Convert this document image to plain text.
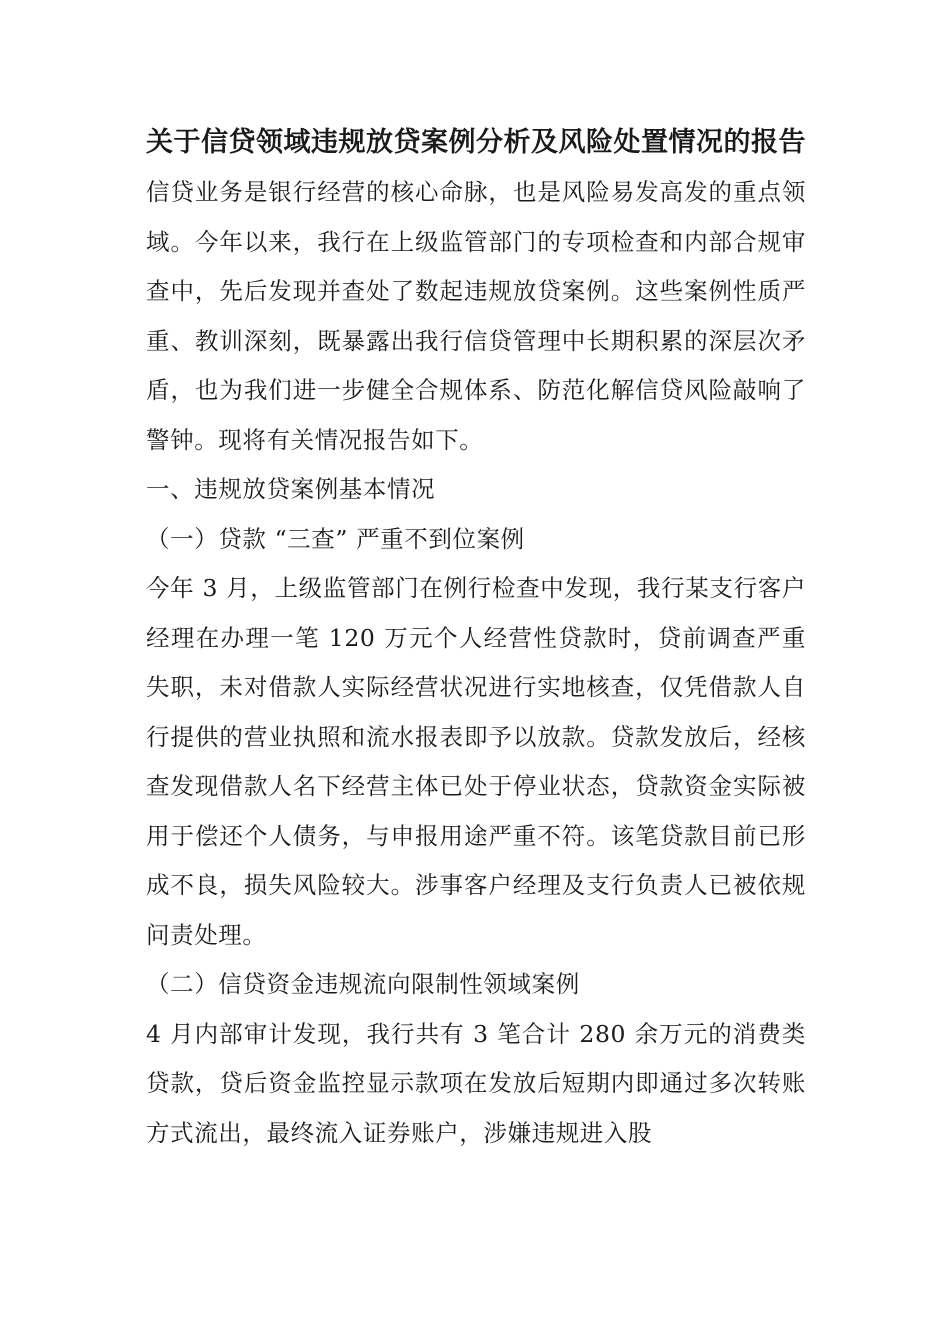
关于信贷领域违规放贷案例分析及风险处置情况的报告

信贷业务是银行经营的核心命脉，也是风险易发高发的重点领域。今年以来，我行在上级监管部门的专项检查和内部合规审查中，先后发现并查处了数起违规放贷案例。这些案例性质严重、教训深刻，既暴露出我行信贷管理中长期积累的深层次矛盾，也为我们进一步健全合规体系、防范化解信贷风险敲响了警钟。现将有关情况报告如下。

一、违规放贷案例基本情况

（一）贷款 “三查” 严重不到位案例

今年 3 月，上级监管部门在例行检查中发现，我行某支行客户经理在办理一笔 120 万元个人经营性贷款时，贷前调查严重失职，未对借款人实际经营状况进行实地核查，仅凭借款人自行提供的营业执照和流水报表即予以放款。贷款发放后，经核查发现借款人名下经营主体已处于停业状态，贷款资金实际被用于偿还个人债务，与申报用途严重不符。该笔贷款目前已形成不良，损失风险较大。涉事客户经理及支行负责人已被依规问责处理。

（二）信贷资金违规流向限制性领域案例

4 月内部审计发现，我行共有 3 笔合计 280 余万元的消费类贷款，贷后资金监控显示款项在发放后短期内即通过多次转账方式流出，最终流入证券账户，涉嫌违规进入股
